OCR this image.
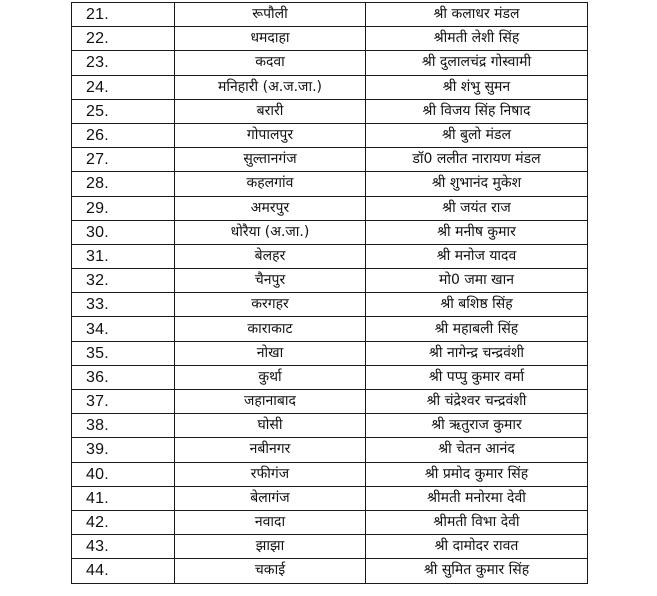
21.	रूपौली	श्री कलाधर मंडल
22.	धमदाहा	श्रीमती लेशी सिंह
23.	कदवा	श्री दुलालचंद्र गोस्वामी
24.	मनिहारी (अ.ज.जा.)	श्री शंभु सुमन
25.	बरारी	श्री विजय सिंह निषाद
26.	गोपालपुर	श्री बुलो मंडल
27.	सुल्तानगंज	डॉ0 ललीत नारायण मंडल
28.	कहलगांव	श्री शुभानंद मुकेश
29.	अमरपुर	श्री जयंत राज
30.	धोरैया (अ.जा.)	श्री मनीष कुमार
31.	बेलहर	श्री मनोज यादव
32.	चैनपुर	मो0 जमा खान
33.	करगहर	श्री बशिष्ठ सिंह
34.	काराकाट	श्री महाबली सिंह
35.	नोखा	श्री नागेन्द्र चन्द्रवंशी
36.	कुर्था	श्री पप्पु कुमार वर्मा
37.	जहानाबाद	श्री चंद्रेश्वर चन्द्रवंशी
38.	घोसी	श्री ऋतुराज कुमार
39.	नबीनगर	श्री चेतन आनंद
40.	रफीगंज	श्री प्रमोद कुमार सिंह
41.	बेलागंज	श्रीमती मनोरमा देवी
42.	नवादा	श्रीमती विभा देवी
43.	झाझा	श्री दामोदर रावत
44.	चकाई	श्री सुमित कुमार सिंह
